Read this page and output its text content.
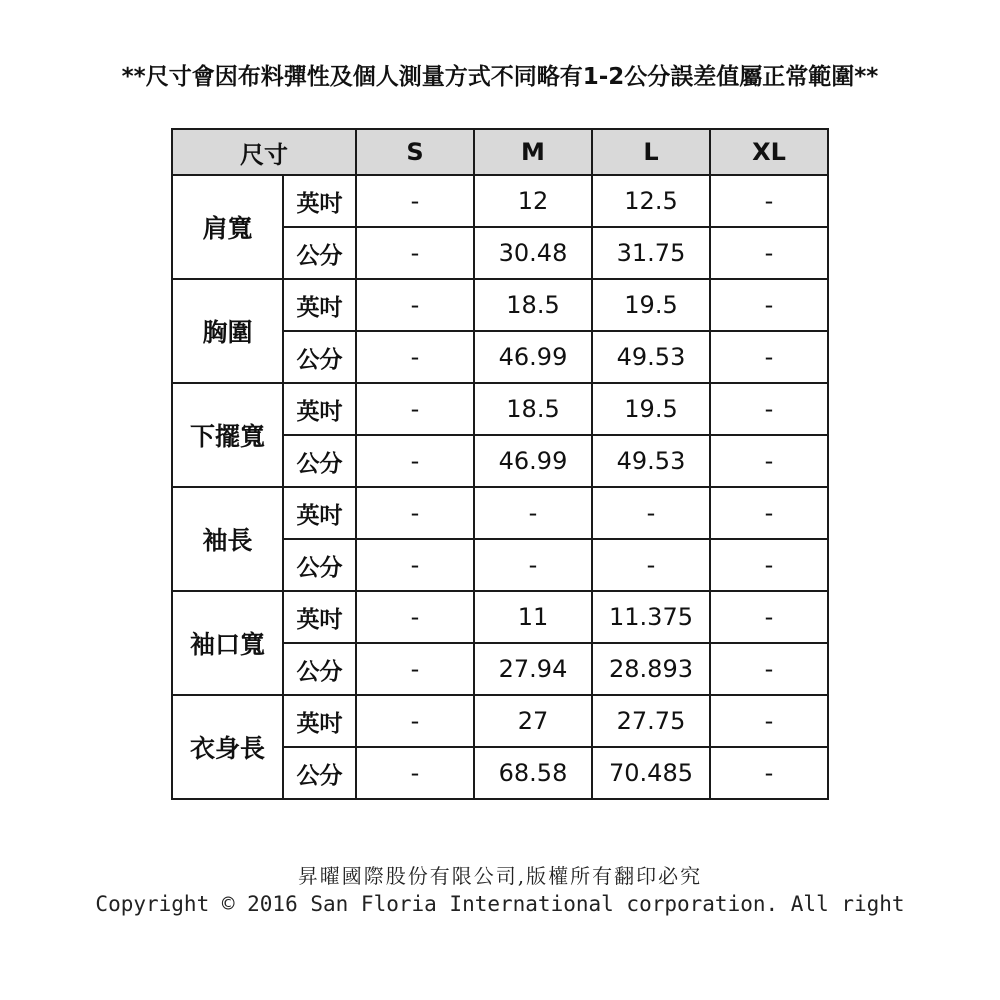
**尺寸會因布料彈性及個人測量方式不同略有1-2公分誤差值屬正常範圍**
尺寸		S	M	L	XL
肩寬	英吋	-	12	12.5	-
	公分	-	30.48	31.75	-
胸圍	英吋	-	18.5	19.5	-
	公分	-	46.99	49.53	-
下擺寬	英吋	-	18.5	19.5	-
	公分	-	46.99	49.53	-
袖長	英吋	-	-	-	-
	公分	-	-	-	-
袖口寬	英吋	-	11	11.375	-
	公分	-	27.94	28.893	-
衣身長	英吋	-	27	27.75	-
	公分	-	68.58	70.485	-
昇曜國際股份有限公司,版權所有翻印必究
Copyright © 2016 San Floria International corporation. All right
